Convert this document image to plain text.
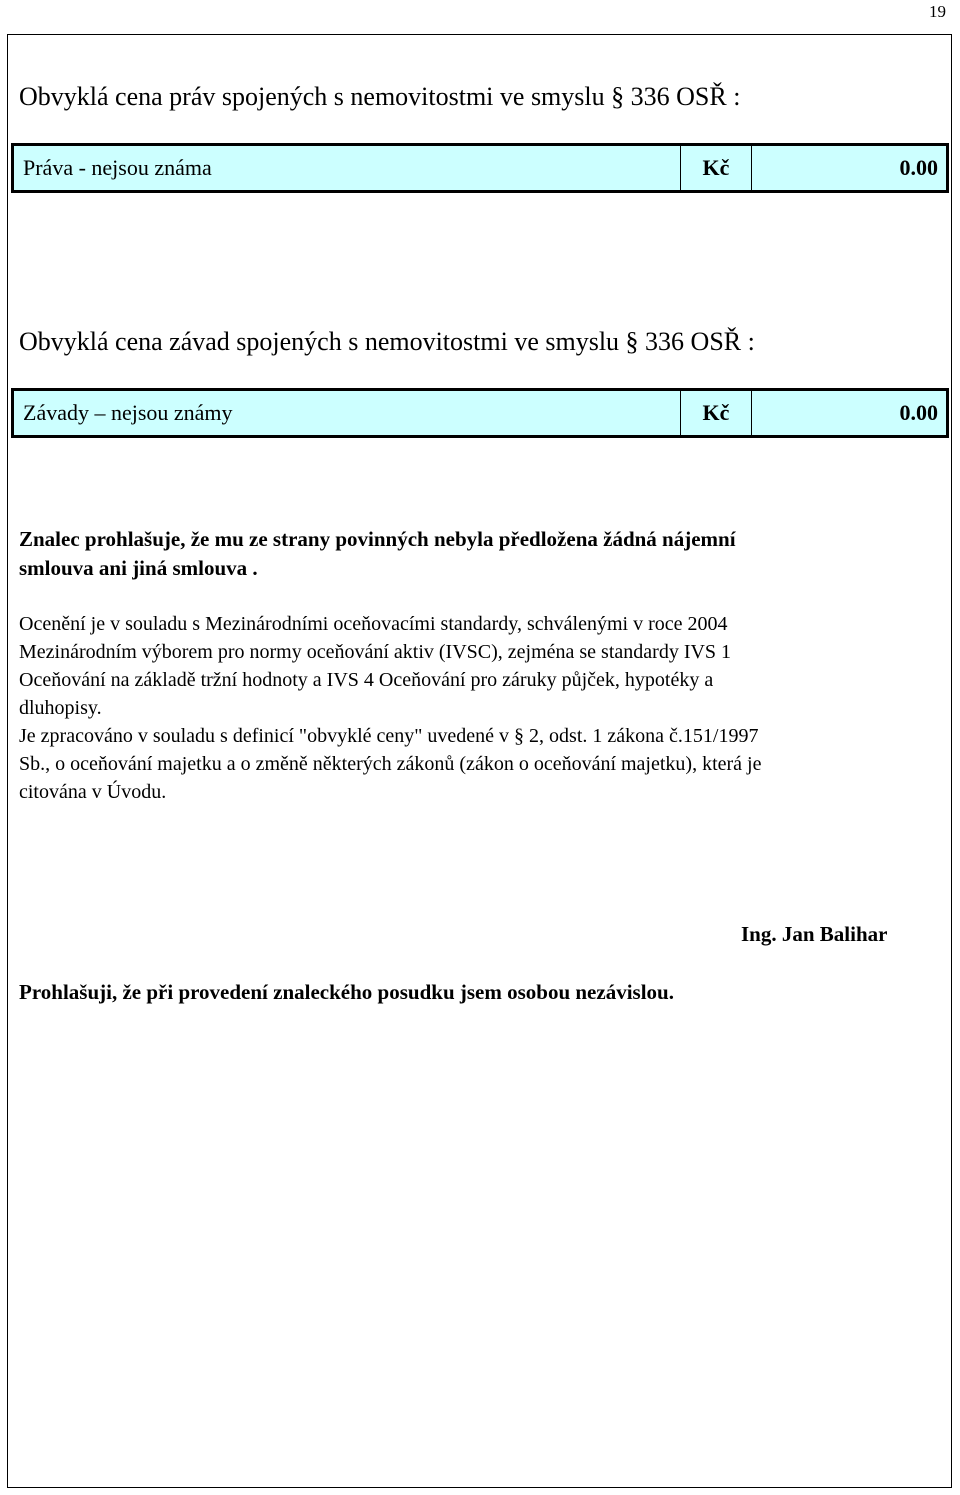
19
Obvyklá cena práv spojených s nemovitostmi ve smyslu § 336 OSŘ :
Práva - nejsou známa	Kč	0.00
Obvyklá cena závad spojených s nemovitostmi ve smyslu § 336 OSŘ :
Závady – nejsou známy	Kč	0.00
Znalec prohlašuje, že mu ze strany povinných nebyla předložena žádná nájemní
smlouva ani jiná smlouva .
Ocenění je v souladu s Mezinárodními oceňovacími standardy, schválenými v roce 2004
Mezinárodním výborem pro normy oceňování aktiv (IVSC), zejména se standardy IVS 1
Oceňování na základě tržní hodnoty a IVS 4 Oceňování pro záruky půjček, hypotéky a
dluhopisy.
Je zpracováno v souladu s definicí "obvyklé ceny" uvedené v § 2, odst. 1 zákona č.151/1997
Sb., o oceňování majetku a o změně některých zákonů (zákon o oceňování majetku), která je
citována v Úvodu.
Ing. Jan Balihar
Prohlašuji, že při provedení znaleckého posudku jsem osobou nezávislou.
